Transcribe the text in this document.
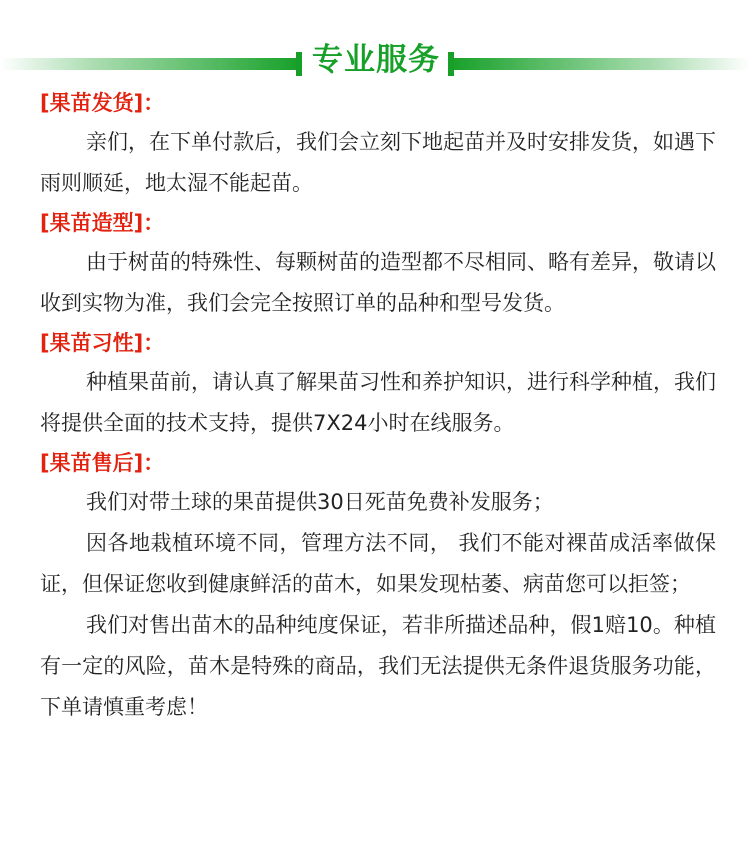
专业服务
[果苗发货]：

亲们，在下单付款后，我们会立刻下地起苗并及时安排发货，如遇下雨则顺延，地太湿不能起苗。

[果苗造型]：

由于树苗的特殊性、每颗树苗的造型都不尽相同、略有差异，敬请以收到实物为准，我们会完全按照订单的品种和型号发货。

[果苗习性]：

种植果苗前，请认真了解果苗习性和养护知识，进行科学种植，我们将提供全面的技术支持，提供7X24小时在线服务。

[果苗售后]：

我们对带土球的果苗提供30日死苗免费补发服务；

因各地栽植环境不同，管理方法不同， 我们不能对裸苗成活率做保证，但保证您收到健康鲜活的苗木，如果发现枯萎、病苗您可以拒签；

我们对售出苗木的品种纯度保证，若非所描述品种，假1赔10。种植有一定的风险，苗木是特殊的商品，我们无法提供无条件退货服务功能，下单请慎重考虑！
